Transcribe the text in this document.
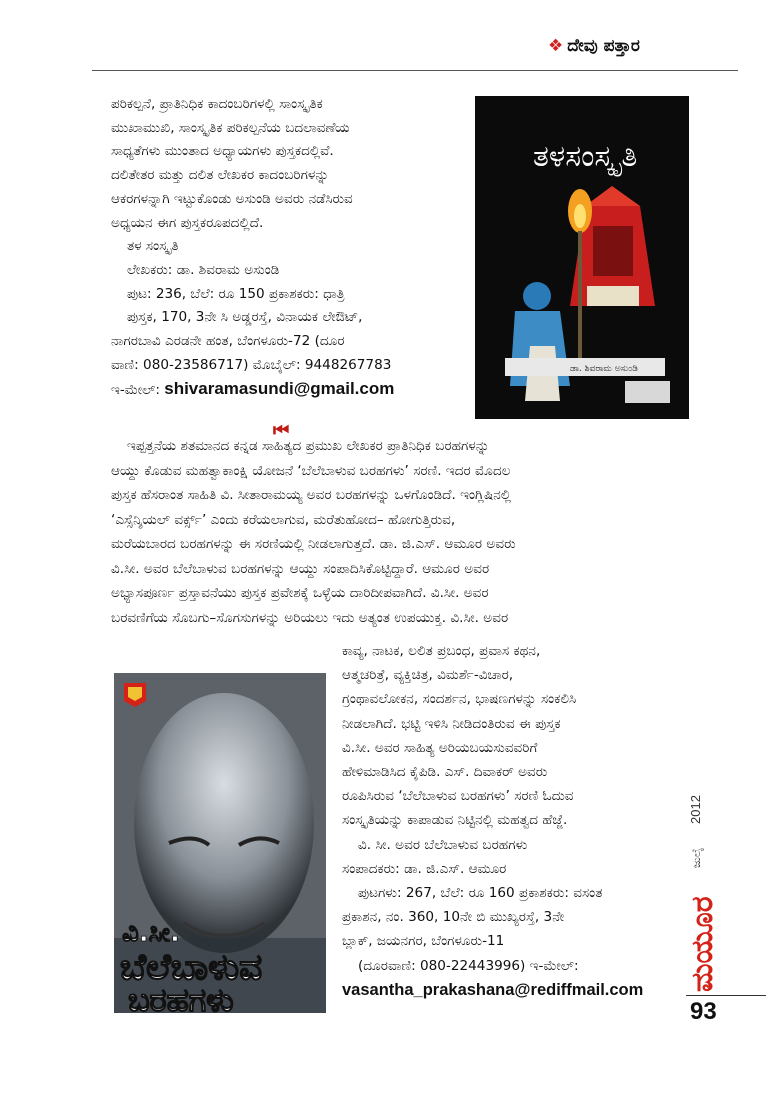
❖ ದೇವು ಪತ್ತಾರ
ಪರಿಕಲ್ಪನೆ, ಪ್ರಾತಿನಿಧಿಕ ಕಾದಂಬರಿಗಳಲ್ಲಿ ಸಾಂಸ್ಕೃತಿಕ
ಮುಖಾಮುಖಿ, ಸಾಂಸ್ಕೃತಿಕ ಪರಿಕಲ್ಪನೆಯ ಬದಲಾವಣೆಯ
ಸಾಧ್ಯತೆಗಳು ಮುಂತಾದ ಅಧ್ಯಾಯಗಳು ಪುಸ್ತಕದಲ್ಲಿವೆ.
ದಲಿತೇತರ ಮತ್ತು ದಲಿತ ಲೇಖಕರ ಕಾದಂಬರಿಗಳನ್ನು
ಆಕರಗಳನ್ನಾಗಿ ಇಟ್ಟುಕೊಂಡು ಅಸುಂಡಿ ಅವರು ನಡೆಸಿರುವ
ಅಧ್ಯಯನ ಈಗ ಪುಸ್ತಕರೂಪದಲ್ಲಿದೆ.
ತಳ ಸಂಸ್ಕೃತಿ
ಲೇಖಕರು: ಡಾ. ಶಿವರಾಮ ಅಸುಂಡಿ
ಪುಟ: 236, ಬೆಲೆ: ರೂ 150 ಪ್ರಕಾಶಕರು: ಧಾತ್ರಿ
ಪುಸ್ತಕ, 170, 3ನೇ ಸಿ ಅಡ್ಡರಸ್ತೆ, ವಿನಾಯಕ ಲೇಔಟ್,
ನಾಗರಬಾವಿ ಎರಡನೇ ಹಂತ, ಬೆಂಗಳೂರು-72 (ದೂರ
ವಾಣಿ: 080-23586717) ಮೊಬೈಲ್: 9448267783
ಇ-ಮೇಲ್: shivaramasundi@gmail.com
ತಳಸಂಸ್ಕೃತಿ
ಡಾ. ಶಿವರಾಮ ಅಸುಂಡಿ
⏮
ಇಪ್ಪತ್ತನೆಯ ಶತಮಾನದ ಕನ್ನಡ ಸಾಹಿತ್ಯದ ಪ್ರಮುಖ ಲೇಖಕರ ಪ್ರಾತಿನಿಧಿಕ ಬರಹಗಳನ್ನು
ಆಯ್ದು ಕೊಡುವ ಮಹತ್ವಾಕಾಂಕ್ಷಿ ಯೋಜನೆ ‘ಬೆಲೆಬಾಳುವ ಬರಹಗಳು’ ಸರಣಿ. ಇದರ ಮೊದಲ
ಪುಸ್ತಕ ಹೆಸರಾಂತ ಸಾಹಿತಿ ವಿ. ಸೀತಾರಾಮಯ್ಯ ಅವರ ಬರಹಗಳನ್ನು ಒಳಗೊಂಡಿದೆ. ಇಂಗ್ಲಿಷಿನಲ್ಲಿ
‘ಎಸ್ಸೆನ್ಶಿಯಲ್ ವರ್ಕ್ಸ್’ ಎಂದು ಕರೆಯಲಾಗುವ, ಮರೆತುಹೋದ– ಹೋಗುತ್ತಿರುವ,
ಮರೆಯಬಾರದ ಬರಹಗಳನ್ನು ಈ ಸರಣಿಯಲ್ಲಿ ನೀಡಲಾಗುತ್ತದೆ. ಡಾ. ಜಿ.ಎಸ್. ಆಮೂರ ಅವರು
ವಿ.ಸೀ. ಅವರ ಬೆಲೆಬಾಳುವ ಬರಹಗಳನ್ನು ಆಯ್ದು ಸಂಪಾದಿಸಿಕೊಟ್ಟಿದ್ದಾರೆ. ಆಮೂರ ಅವರ
ಅಭ್ಯಾಸಪೂರ್ಣ ಪ್ರಸ್ತಾವನೆಯು ಪುಸ್ತಕ ಪ್ರವೇಶಕ್ಕೆ ಒಳ್ಳೆಯ ದಾರಿದೀಪವಾಗಿದೆ. ವಿ.ಸೀ. ಅವರ
ಬರವಣಿಗೆಯ ಸೊಬಗು–ಸೊಗಸುಗಳನ್ನು ಅರಿಯಲು ಇದು ಅತ್ಯಂತ ಉಪಯುಕ್ತ. ವಿ.ಸೀ. ಅವರ
ವಿ.ಸೀ.
ಬೆಲೆಬಾಳುವ
ಬರಹಗಳು
ಕಾವ್ಯ, ನಾಟಕ, ಲಲಿತ ಪ್ರಬಂಧ, ಪ್ರವಾಸ ಕಥನ,
ಆತ್ಮಚರಿತ್ರೆ, ವ್ಯಕ್ತಿಚಿತ್ರ, ವಿಮರ್ಶೆ-ವಿಚಾರ,
ಗ್ರಂಥಾವಲೋಕನ, ಸಂದರ್ಶನ, ಭಾಷಣಗಳನ್ನು ಸಂಕಲಿಸಿ
ನೀಡಲಾಗಿದೆ. ಭಟ್ಟಿ ಇಳಿಸಿ ನೀಡಿದಂತಿರುವ ಈ ಪುಸ್ತಕ
ವಿ.ಸೀ. ಅವರ ಸಾಹಿತ್ಯ ಅರಿಯಬಯಸುವವರಿಗೆ
ಹೇಳಿಮಾಡಿಸಿದ ಕೈಪಿಡಿ. ಎಸ್. ದಿವಾಕರ್ ಅವರು
ರೂಪಿಸಿರುವ ‘ಬೆಲೆಬಾಳುವ ಬರಹಗಳು’ ಸರಣಿ ಓದುವ
ಸಂಸ್ಕೃತಿಯನ್ನು ಕಾಪಾಡುವ ನಿಟ್ಟಿನಲ್ಲಿ ಮಹತ್ವದ ಹೆಜ್ಜೆ.
ವಿ. ಸೀ. ಅವರ ಬೆಲೆಬಾಳುವ ಬರಹಗಳು
ಸಂಪಾದಕರು: ಡಾ. ಜಿ.ಎಸ್. ಆಮೂರ
ಪುಟಗಳು: 267, ಬೆಲೆ: ರೂ 160 ಪ್ರಕಾಶಕರು: ವಸಂತ
ಪ್ರಕಾಶನ, ನಂ. 360, 10ನೇ ಬಿ ಮುಖ್ಯರಸ್ತೆ, 3ನೇ
ಬ್ಲಾಕ್, ಜಯನಗರ, ಬೆಂಗಳೂರು-11
(ದೂರವಾಣಿ: 080-22443996) ಇ-ಮೇಲ್:
vasantha_prakashana@rediffmail.com ಮಯೂರ
ಜುಲೈ
2012
93
